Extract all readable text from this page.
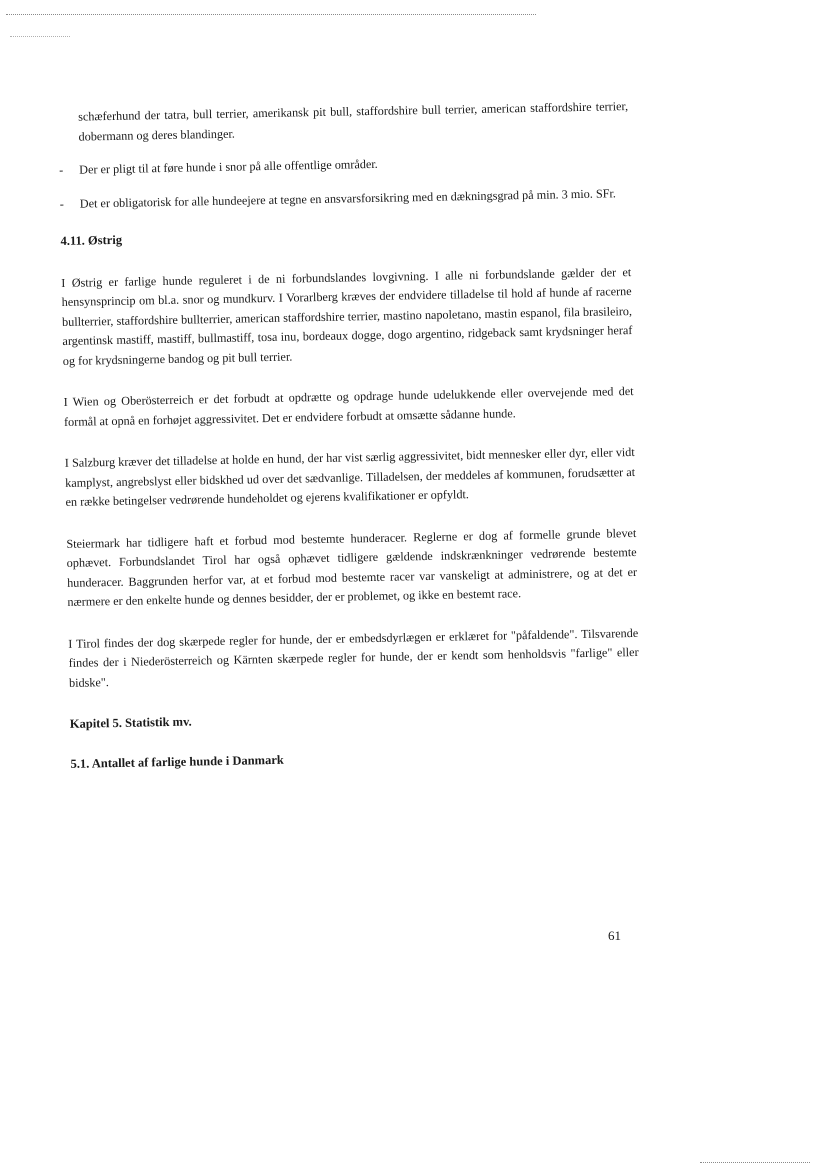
schæferhund der tatra, bull terrier, amerikansk pit bull, staffordshire bull terrier, american staffordshire terrier, dobermann og deres blandinger.

- Der er pligt til at føre hunde i snor på alle offentlige områder.

- Det er obligatorisk for alle hundeejere at tegne en ansvarsforsikring med en dækningsgrad på min. 3 mio. SFr.

4.11. Østrig

I Østrig er farlige hunde reguleret i de ni forbundslandes lovgivning. I alle ni forbundslande gælder der et hensynsprincip om bl.a. snor og mundkurv. I Vorarlberg kræves der endvidere tilladelse til hold af hunde af racerne bullterrier, staffordshire bullterrier, american staffordshire terrier, mastino napoletano, mastin espanol, fila brasileiro, argentinsk mastiff, mastiff, bullmastiff, tosa inu, bordeaux dogge, dogo argentino, ridgeback samt krydsninger heraf og for krydsningerne bandog og pit bull terrier.

I Wien og Oberösterreich er det forbudt at opdrætte og opdrage hunde udelukkende eller overvejende med det formål at opnå en forhøjet aggressivitet. Det er endvidere forbudt at omsætte sådanne hunde.

I Salzburg kræver det tilladelse at holde en hund, der har vist særlig aggressivitet, bidt mennesker eller dyr, eller vidt kamplyst, angrebslyst eller bidskhed ud over det sædvanlige. Tilladelsen, der meddeles af kommunen, forudsætter at en række betingelser vedrørende hundeholdet og ejerens kvalifikationer er opfyldt.

Steiermark har tidligere haft et forbud mod bestemte hunderacer. Reglerne er dog af formelle grunde blevet ophævet. Forbundslandet Tirol har også ophævet tidligere gældende indskrænkninger vedrørende bestemte hunderacer. Baggrunden herfor var, at et forbud mod bestemte racer var vanskeligt at administrere, og at det er nærmere er den enkelte hunde og dennes besidder, der er problemet, og ikke en bestemt race.

I Tirol findes der dog skærpede regler for hunde, der er embedsdyrlægen er erklæret for "påfaldende". Tilsvarende findes der i Niederösterreich og Kärnten skærpede regler for hunde, der er kendt som henholdsvis "farlige" eller bidske".

Kapitel 5. Statistik mv.
5.1. Antallet af farlige hunde i Danmark
61
